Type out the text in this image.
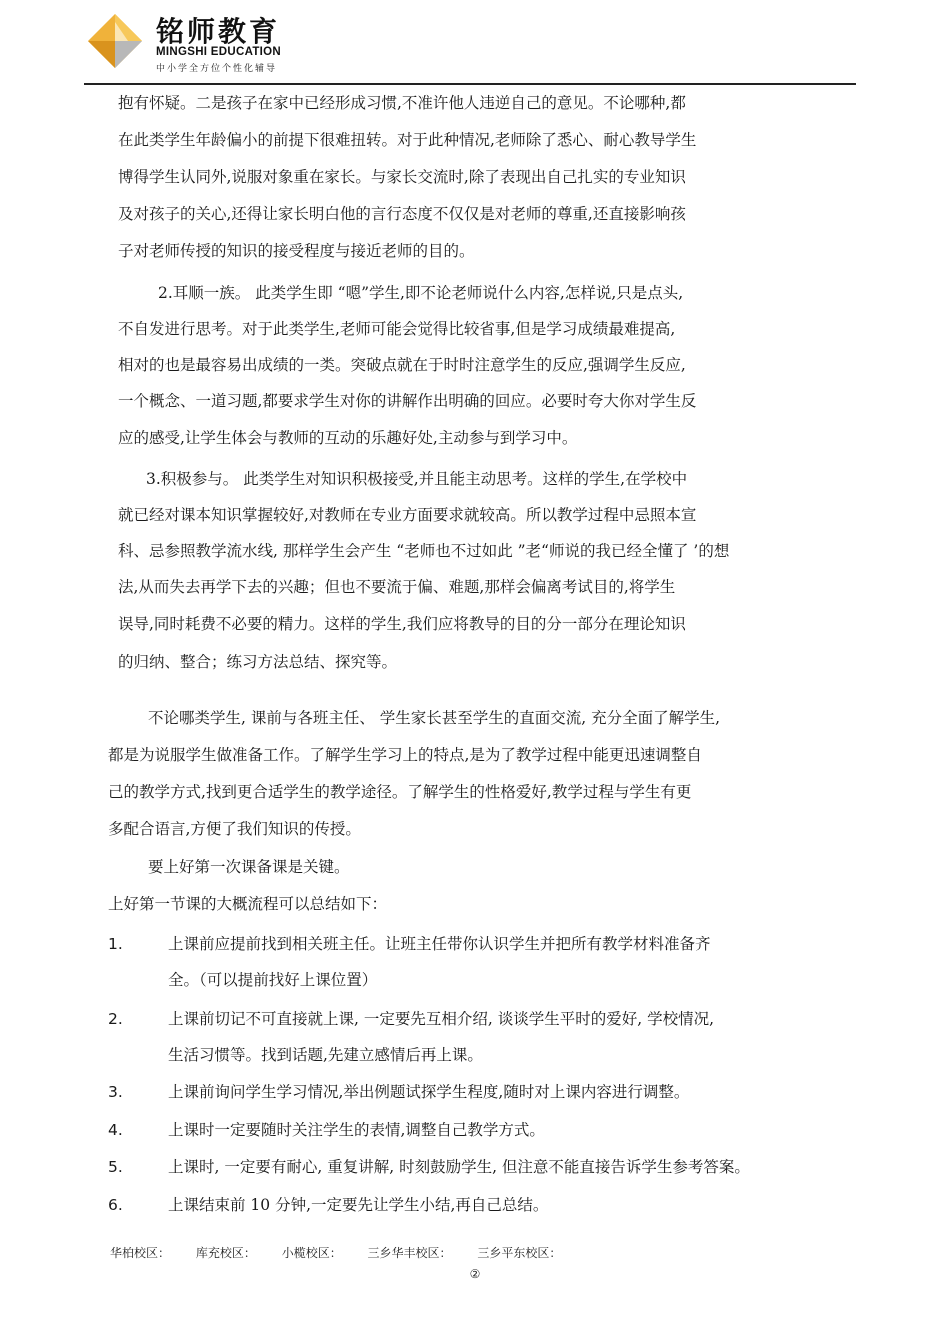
铭师教育
MINGSHI EDUCATION
中小学全方位个性化辅导
抱有怀疑。二是孩子在家中已经形成习惯,不准许他人违逆自己的意见。不论哪种,都
在此类学生年龄偏小的前提下很难扭转。对于此种情况,老师除了悉心、耐心教导学生
博得学生认同外,说服对象重在家长。与家长交流时,除了表现出自己扎实的专业知识
及对孩子的关心,还得让家长明白他的言行态度不仅仅是对老师的尊重,还直接影响孩
子对老师传授的知识的接受程度与接近老师的目的。
2.耳顺一族。 此类学生即 “嗯”学生,即不论老师说什么内容,怎样说,只是点头,
不自发进行思考。对于此类学生,老师可能会觉得比较省事,但是学习成绩最难提高,
相对的也是最容易出成绩的一类。突破点就在于时时注意学生的反应,强调学生反应,
一个概念、一道习题,都要求学生对你的讲解作出明确的回应。必要时夸大你对学生反
应的感受,让学生体会与教师的互动的乐趣好处,主动参与到学习中。
3.积极参与。 此类学生对知识积极接受,并且能主动思考。这样的学生,在学校中
就已经对课本知识掌握较好,对教师在专业方面要求就较高。所以教学过程中忌照本宣
科、忌参照教学流水线, 那样学生会产生 “老师也不过如此 ”老“师说的我已经全懂了 ’的想
法,从而失去再学下去的兴趣；但也不要流于偏、难题,那样会偏离考试目的,将学生
误导,同时耗费不必要的精力。这样的学生,我们应将教导的目的分一部分在理论知识
的归纳、整合；练习方法总结、探究等。
不论哪类学生, 课前与各班主任、 学生家长甚至学生的直面交流, 充分全面了解学生,
都是为说服学生做准备工作。了解学生学习上的特点,是为了教学过程中能更迅速调整自
己的教学方式,找到更合适学生的教学途径。了解学生的性格爱好,教学过程与学生有更
多配合语言,方便了我们知识的传授。
要上好第一次课备课是关键。
上好第一节课的大概流程可以总结如下：
1.	上课前应提前找到相关班主任。让班主任带你认识学生并把所有教学材料准备齐
全。（可以提前找好上课位置）
2.	上课前切记不可直接就上课, 一定要先互相介绍, 谈谈学生平时的爱好, 学校情况,
生活习惯等。找到话题,先建立感情后再上课。
3.	上课前询问学生学习情况,举出例题试探学生程度,随时对上课内容进行调整。
4.	上课时一定要随时关注学生的表情,调整自己教学方式。
5.	上课时, 一定要有耐心, 重复讲解, 时刻鼓励学生, 但注意不能直接告诉学生参考答案。
6.	上课结束前 10 分钟,一定要先让学生小结,再自己总结。
华柏校区： 库充校区： 小榄校区： 三乡华丰校区： 三乡平东校区：
②
